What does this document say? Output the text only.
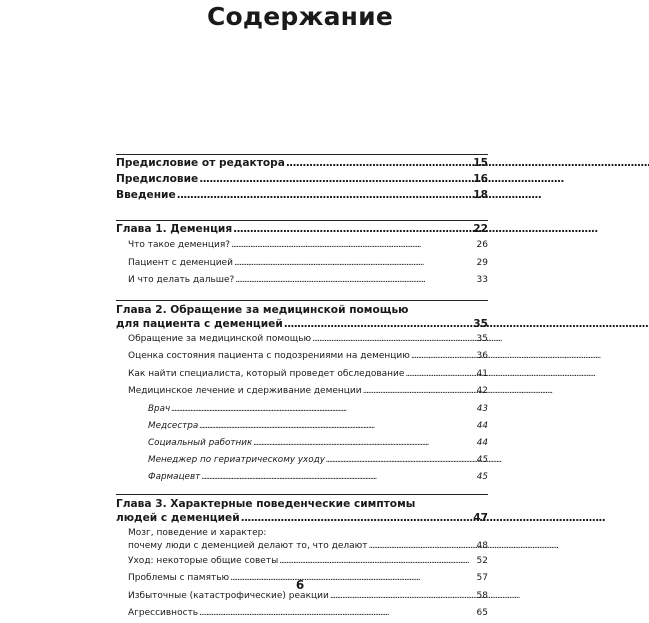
Содержание
Предисловие от редактора . . .	15
Предисловие . . .	16
Введение . . .	18
Глава 1. Деменция . . .	22
Что такое деменция? . . .	26
Пациент с деменцией . . .	29
И что делать дальше? . . .	33
Глава 2. Обращение за медицинской помощью
для пациента с деменцией . . .	35
Обращение за медицинской помощью . . .	35
Оценка состояния пациента с подозрениями на деменцию . . .	36
Как найти специалиста, который проведет обследование . . .	41
Медицинское лечение и сдерживание деменции . . .	42
Врач . . .	43
Медсестра . . .	44
Социальный работник . . .	44
Менеджер по гериатрическому уходу . . .	45
Фармацевт . . .	45
Глава 3. Характерные поведенческие симптомы
людей с деменцией . . .	47
Мозг, поведение и характер:
почему люди с деменцией делают то, что делают . . .	48
Уход: некоторые общие советы . . .	52
Проблемы с памятью . . .	57
Избыточные (катастрофические) реакции . . .	58
Агрессивность . . .	65
6
